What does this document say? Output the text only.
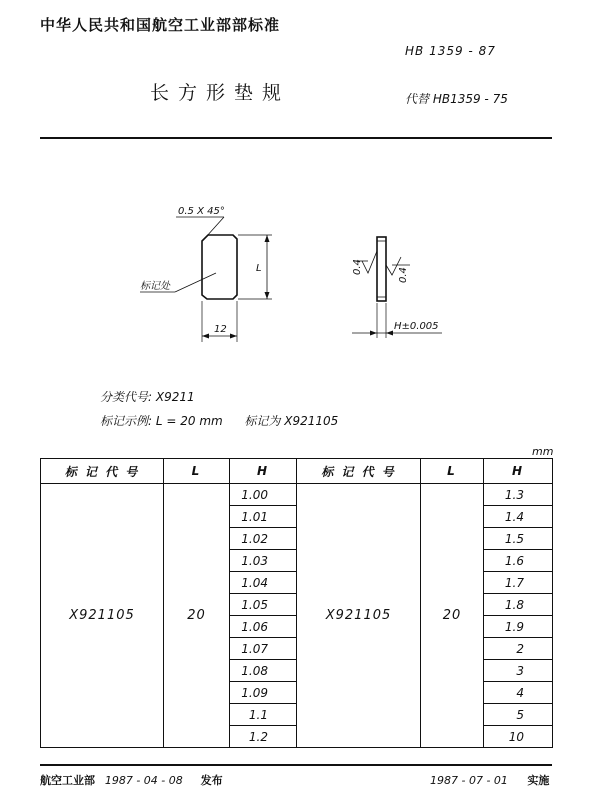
中华人民共和国航空工业部部标准
HB 1359 - 87
长方形垫规	代替 HB1359 - 75
0.5 X 45°
标记处
L
12
0.4
0.4
H±0.005
分类代号: X9211
标记示例: L = 20 mm 标记为 X921105
mm
标 记 代 号	L	H	标 记 代 号	L	H
X921105	20	1.00	X921105	20	1.3
		1.01			1.4
		1.02			1.5
		1.03			1.6
		1.04			1.7
		1.05			1.8
		1.06			1.9
		1.07			2
		1.08			3
		1.09			4
		1.1			5
		1.2			10
航空工业部 1987 - 04 - 08 发布	1987 - 07 - 01 实施
